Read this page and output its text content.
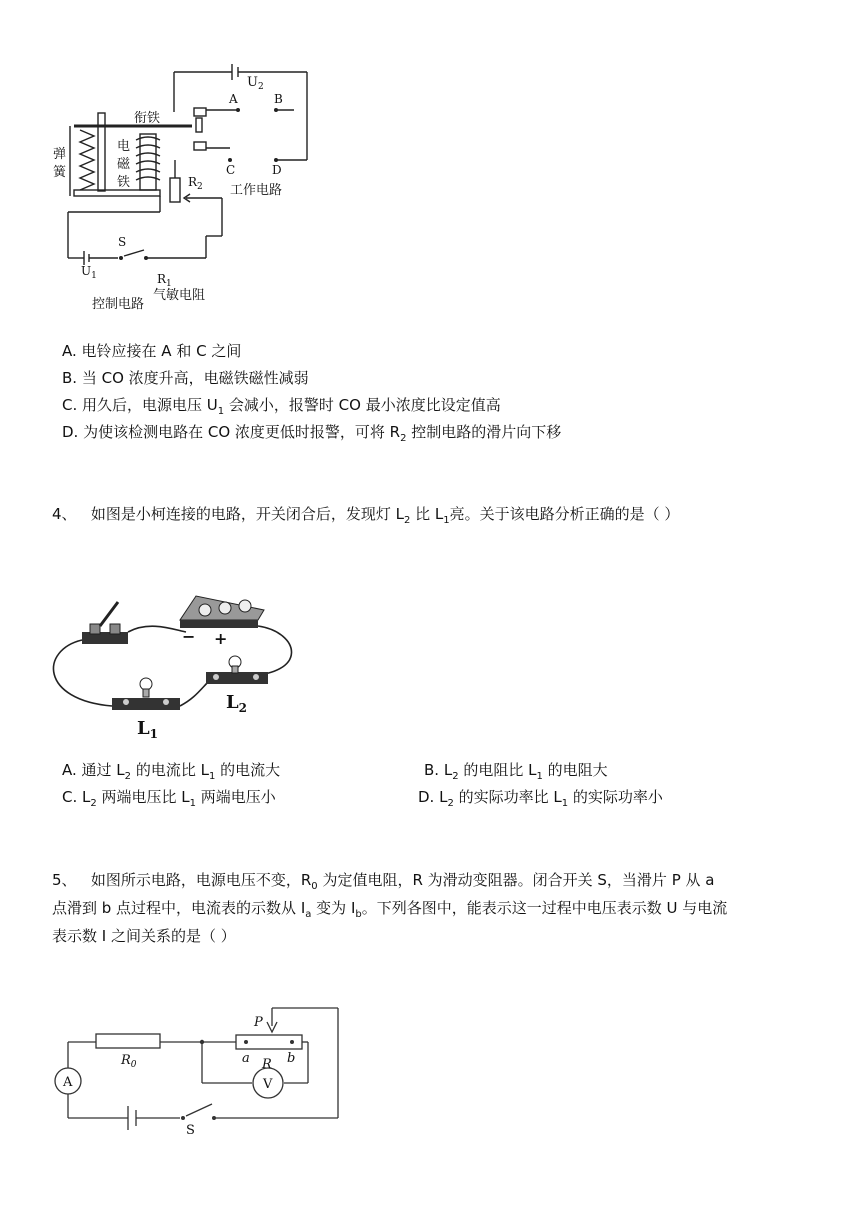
$U_2$
A	B
C	D
衔铁
弹
簧
电
磁
铁	$R_2$ 工作电路
S
$U_1$	$R_1$
气敏电阻
控制电路
A. 电铃应接在 A 和 C 之间
B. 当 CO 浓度升高，电磁铁磁性减弱
C. 用久后，电源电压 $U_1$ 会减小，报警时 CO 最小浓度比设定值高
D. 为使该检测电路在 CO 浓度更低时报警，可将 $R_2$ 控制电路的滑片向下移
4、 如图是小柯连接的电路，开关闭合后，发现灯 $L_2$ 比 $L_1$亮。关于该电路分析正确的是（ ）
− +
$L_1$
$L_2$
A. 通过 $L_2$ 的电流比 $L_1$ 的电流大	B. $L_2$ 的电阻比 $L_1$ 的电阻大
C. $L_2$ 两端电压比 $L_1$ 两端电压小	D. $L_2$ 的实际功率比 $L_1$ 的实际功率小
5、 如图所示电路，电源电压不变，$R_0$ 为定值电阻，R 为滑动变阻器。闭合开关 S，当滑片 P 从 a
点滑到 b 点过程中，电流表的示数从 $I_a$ 变为 $I_b$。下列各图中，能表示这一过程中电压表示数 U 与电流
表示数 I 之间关系的是（ ）
P
a	b
R
$R_0$
A	V
S
